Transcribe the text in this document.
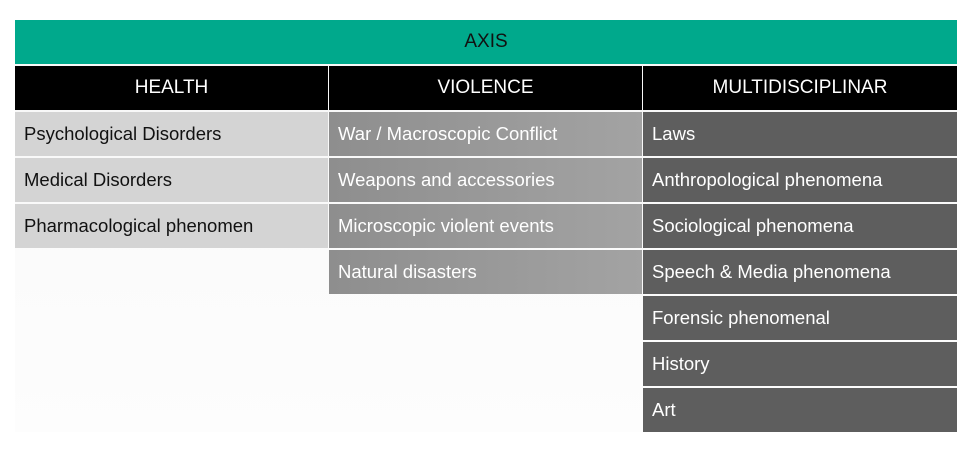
AXIS
HEALTH
Psychological Disorders
Medical Disorders
Pharmacological phenomen
VIOLENCE
War / Macroscopic Conflict
Weapons and accessories
Microscopic violent events
Natural disasters
MULTIDISCIPLINAR
Laws
Anthropological phenomena
Sociological phenomena
Speech & Media phenomena
Forensic phenomenal
History
Art
